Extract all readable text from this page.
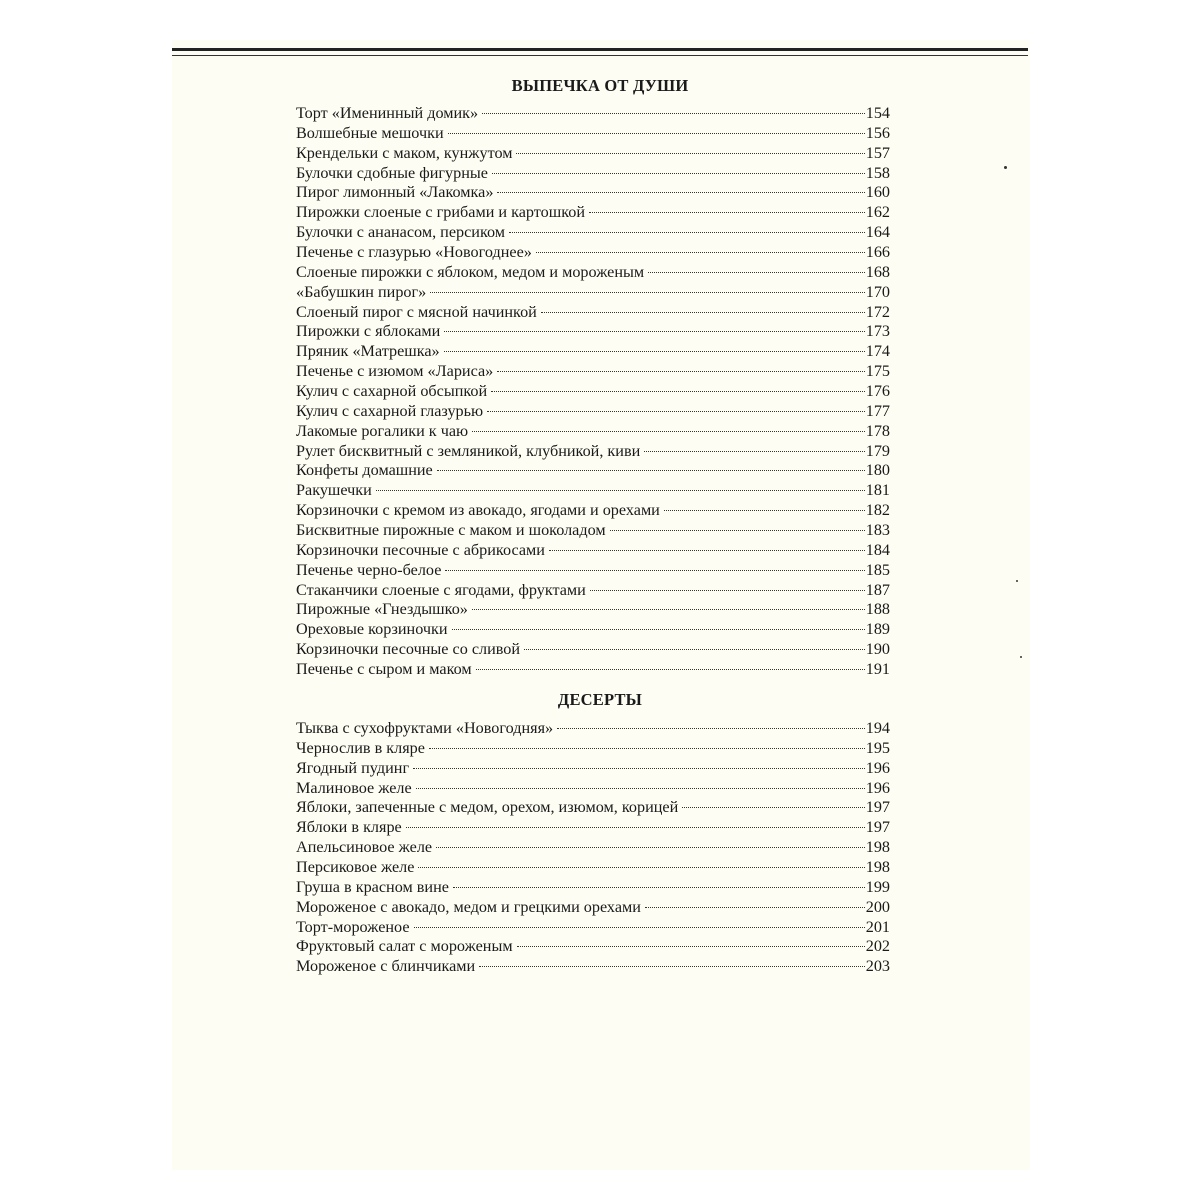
ВЫПЕЧКА ОТ ДУШИ
Торт «Именинный домик»	154
Волшебные мешочки	156
Крендельки с маком, кунжутом	157
Булочки сдобные фигурные	158
Пирог лимонный «Лакомка»	160
Пирожки слоеные с грибами и картошкой	162
Булочки с ананасом, персиком	164
Печенье с глазурью «Новогоднее»	166
Слоеные пирожки с яблоком, медом и мороженым	168
«Бабушкин пирог»	170
Слоеный пирог с мясной начинкой	172
Пирожки с яблоками	173
Пряник «Матрешка»	174
Печенье с изюмом «Лариса»	175
Кулич с сахарной обсыпкой	176
Кулич с сахарной глазурью	177
Лакомые рогалики к чаю	178
Рулет бисквитный с земляникой, клубникой, киви	179
Конфеты домашние	180
Ракушечки	181
Корзиночки с кремом из авокадо, ягодами и орехами	182
Бисквитные пирожные с маком и шоколадом	183
Корзиночки песочные с абрикосами	184
Печенье черно-белое	185
Стаканчики слоеные с ягодами, фруктами	187
Пирожные «Гнездышко»	188
Ореховые корзиночки	189
Корзиночки песочные со сливой	190
Печенье с сыром и маком	191
ДЕСЕРТЫ
Тыква с сухофруктами «Новогодняя»	194
Чернослив в кляре	195
Ягодный пудинг	196
Малиновое желе	196
Яблоки, запеченные с медом, орехом, изюмом, корицей	197
Яблоки в кляре	197
Апельсиновое желе	198
Персиковое желе	198
Груша в красном вине	199
Мороженое с авокадо, медом и грецкими орехами	200
Торт-мороженое	201
Фруктовый салат с мороженым	202
Мороженое с блинчиками	203
